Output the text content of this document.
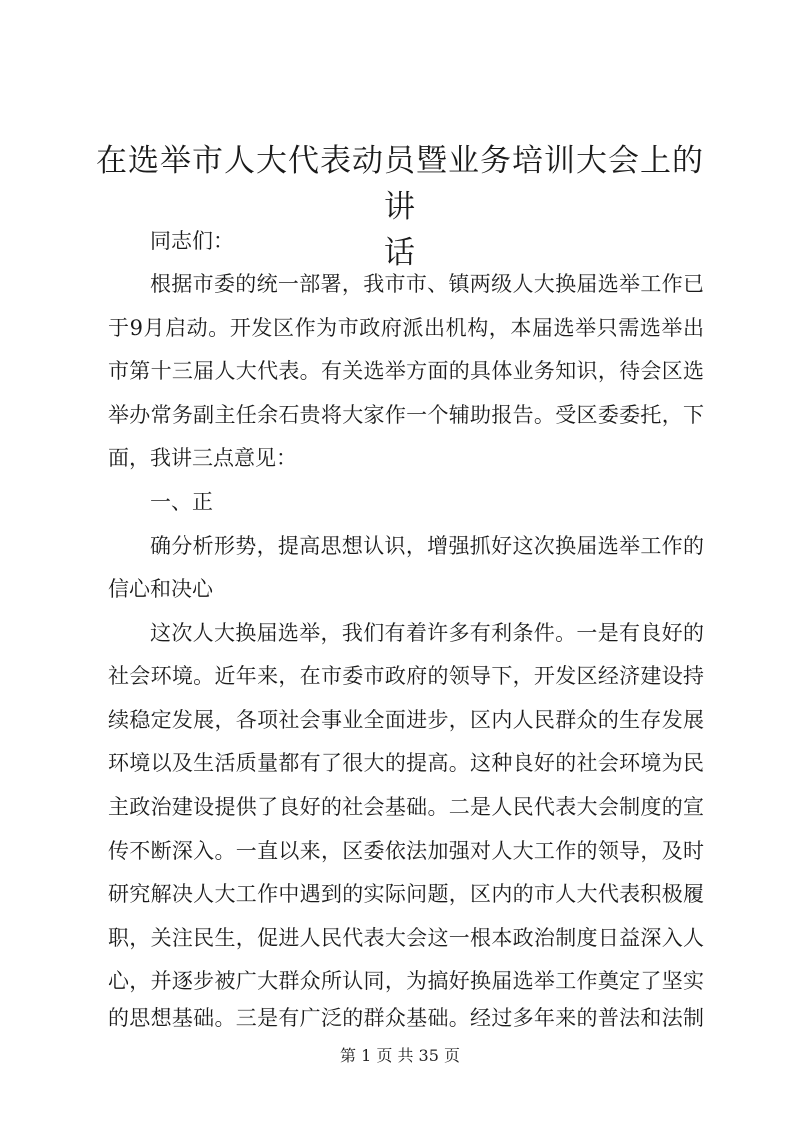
在选举市人大代表动员暨业务培训大会上的讲
话
同志们：
根据市委的统一部署，我市市、镇两级人大换届选举工作已
于9月启动。开发区作为市政府派出机构，本届选举只需选举出
市第十三届人大代表。有关选举方面的具体业务知识，待会区选
举办常务副主任余石贵将大家作一个辅助报告。受区委委托，下
面，我讲三点意见：
一、正
确分析形势，提高思想认识，增强抓好这次换届选举工作的
信心和决心
这次人大换届选举，我们有着许多有利条件。一是有良好的
社会环境。近年来，在市委市政府的领导下，开发区经济建设持
续稳定发展，各项社会事业全面进步，区内人民群众的生存发展
环境以及生活质量都有了很大的提高。这种良好的社会环境为民
主政治建设提供了良好的社会基础。二是人民代表大会制度的宣
传不断深入。一直以来，区委依法加强对人大工作的领导，及时
研究解决人大工作中遇到的实际问题，区内的市人大代表积极履
职，关注民生，促进人民代表大会这一根本政治制度日益深入人
心，并逐步被广大群众所认同，为搞好换届选举工作奠定了坚实
第 1 页 共 35 页
的思想基础。三是有广泛的群众基础。经过多年来的普法和法制
